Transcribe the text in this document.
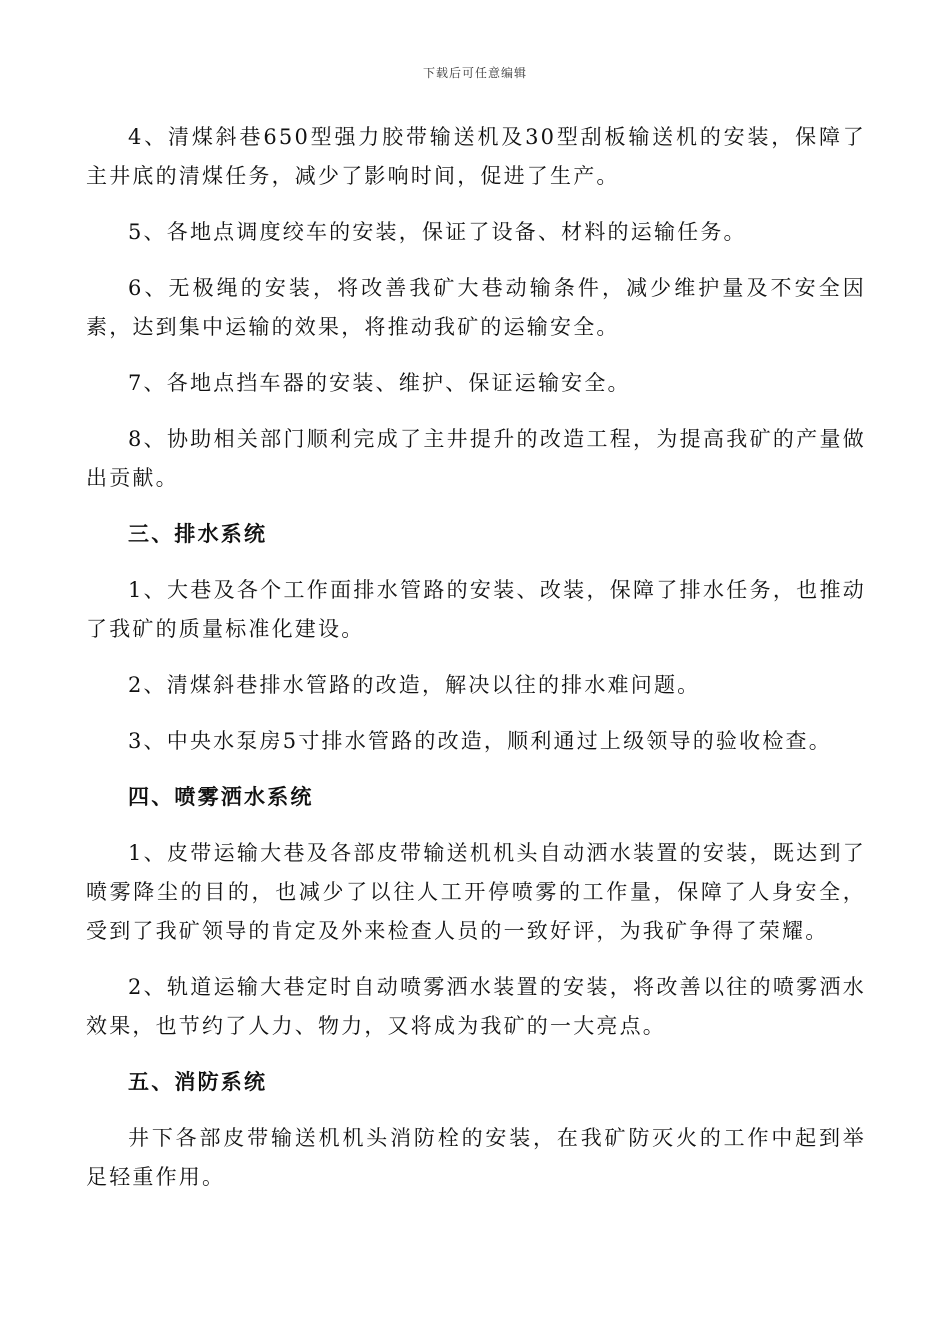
下载后可任意编辑

4、清煤斜巷650型强力胶带输送机及30型刮板输送机的安装，保障了主井底的清煤任务，减少了影响时间，促进了生产。

5、各地点调度绞车的安装，保证了设备、材料的运输任务。

6、无极绳的安装，将改善我矿大巷动输条件，减少维护量及不安全因素，达到集中运输的效果，将推动我矿的运输安全。

7、各地点挡车器的安装、维护、保证运输安全。

8、协助相关部门顺利完成了主井提升的改造工程，为提高我矿的产量做出贡献。

三、排水系统

1、大巷及各个工作面排水管路的安装、改装，保障了排水任务，也推动了我矿的质量标准化建设。

2、清煤斜巷排水管路的改造，解决以往的排水难问题。

3、中央水泵房5寸排水管路的改造，顺利通过上级领导的验收检查。

四、喷雾洒水系统

1、皮带运输大巷及各部皮带输送机机头自动洒水装置的安装，既达到了喷雾降尘的目的，也减少了以往人工开停喷雾的工作量，保障了人身安全，受到了我矿领导的肯定及外来检查人员的一致好评，为我矿争得了荣耀。

2、轨道运输大巷定时自动喷雾洒水装置的安装，将改善以往的喷雾洒水效果，也节约了人力、物力，又将成为我矿的一大亮点。

五、消防系统

井下各部皮带输送机机头消防栓的安装，在我矿防灭火的工作中起到举足轻重作用。
